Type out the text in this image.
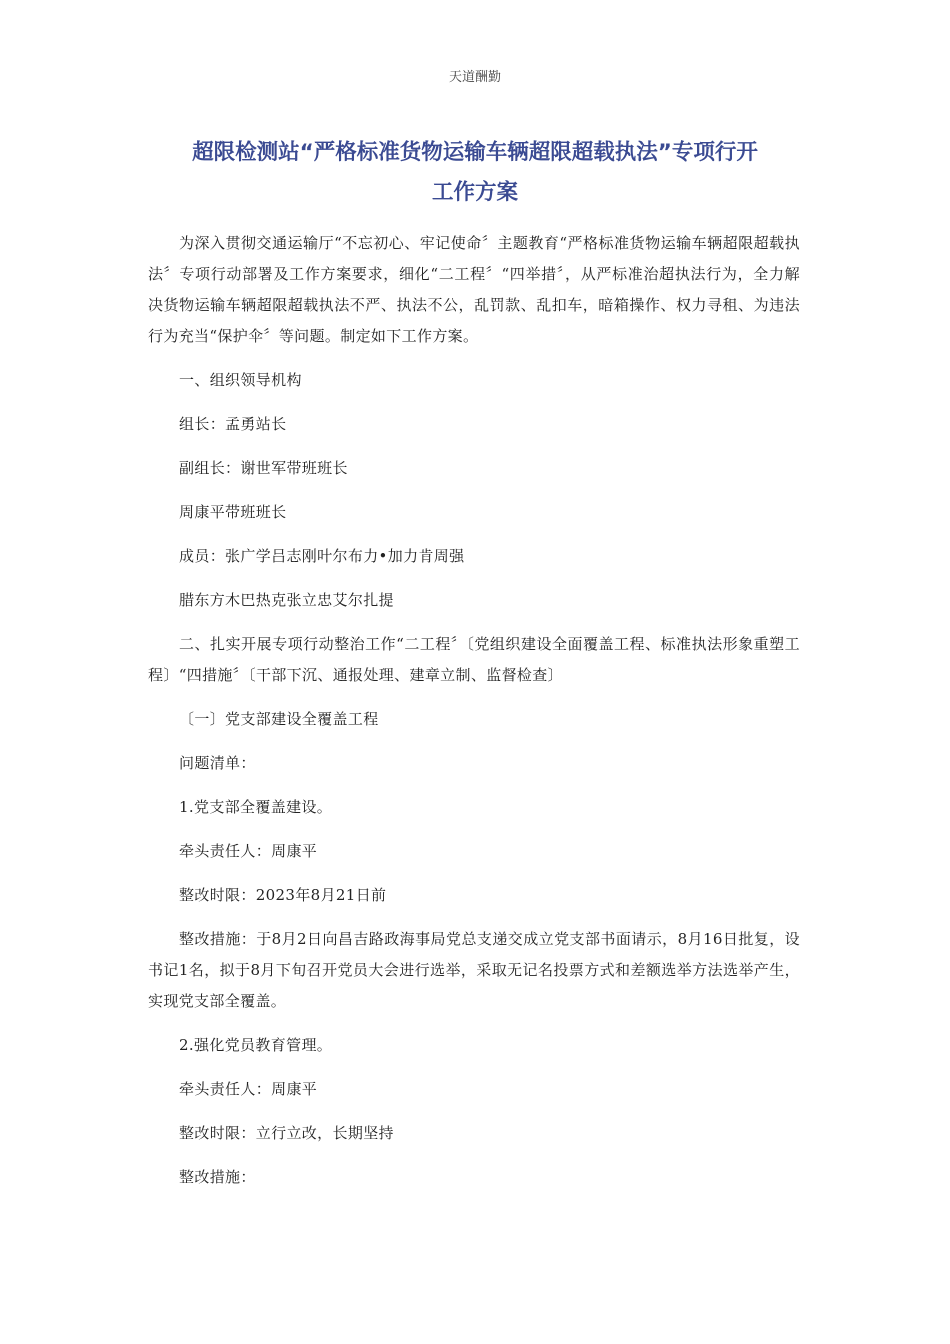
天道酬勤
超限检测站“严格标准货物运输车辆超限超载执法”专项行开
工作方案

为深入贯彻交通运输厅“不忘初心、牢记使命〞主题教育“严格标准货物运输车辆超限超载执法〞专项行动部署及工作方案要求，细化“二工程〞“四举措〞，从严标准治超执法行为，全力解决货物运输车辆超限超载执法不严、执法不公，乱罚款、乱扣车，暗箱操作、权力寻租、为违法行为充当“保护伞〞等问题。制定如下工作方案。

一、组织领导机构

组长：孟勇站长

副组长：谢世军带班班长

周康平带班班长

成员：张广学吕志刚叶尔布力•加力肯周强

腊东方木巴热克张立忠艾尔扎提

二、扎实开展专项行动整治工作“二工程〞〔党组织建设全面覆盖工程、标准执法形象重塑工程〕“四措施〞〔干部下沉、通报处理、建章立制、监督检查〕

〔一〕党支部建设全覆盖工程

问题清单：

1.党支部全覆盖建设。

牵头责任人：周康平

整改时限：2023年8月21日前

整改措施：于8月2日向昌吉路政海事局党总支递交成立党支部书面请示，8月16日批复，设书记1名，拟于8月下旬召开党员大会进行选举，采取无记名投票方式和差额选举方法选举产生，实现党支部全覆盖。

2.强化党员教育管理。

牵头责任人：周康平

整改时限：立行立改，长期坚持

整改措施：
